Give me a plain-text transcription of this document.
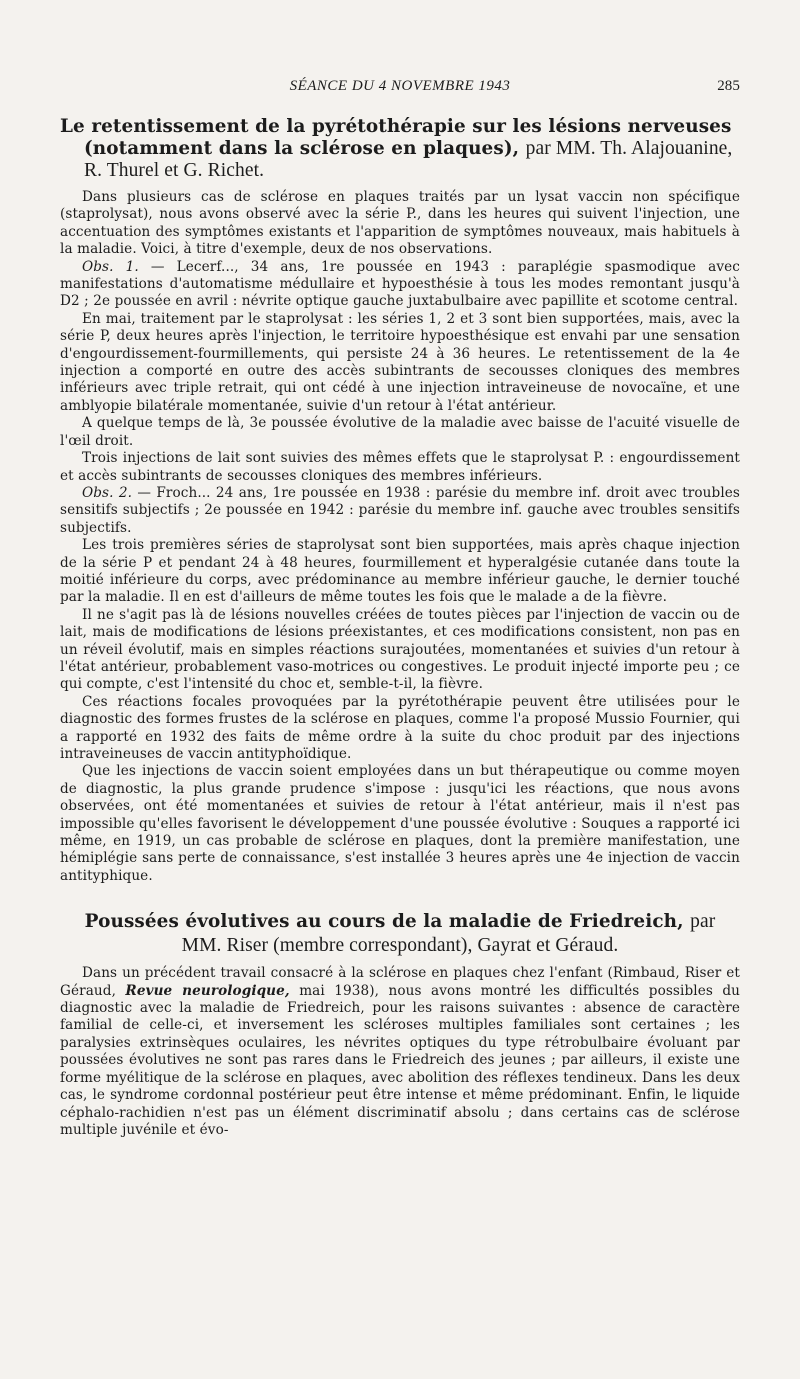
SÉANCE DU 4 NOVEMBRE 1943	285
Le retentissement de la pyrétothérapie sur les lésions nerveuses (notamment dans la sclérose en plaques), par MM. Th. Alajouanine, R. Thurel et G. Richet.

Dans plusieurs cas de sclérose en plaques traités par un lysat vaccin non spécifique (staprolysat), nous avons observé avec la série P., dans les heures qui suivent l'injection, une accentuation des symptômes existants et l'apparition de symptômes nouveaux, mais habituels à la maladie. Voici, à titre d'exemple, deux de nos observations.

Obs. 1. — Lecerf..., 34 ans, 1re poussée en 1943 : paraplégie spasmodique avec manifestations d'automatisme médullaire et hypoesthésie à tous les modes remontant jusqu'à D2 ; 2e poussée en avril : névrite optique gauche juxtabulbaire avec papillite et scotome central.

En mai, traitement par le staprolysat : les séries 1, 2 et 3 sont bien supportées, mais, avec la série P, deux heures après l'injection, le territoire hypoesthésique est envahi par une sensation d'engourdissement-fourmillements, qui persiste 24 à 36 heures. Le retentissement de la 4e injection a comporté en outre des accès subintrants de secousses cloniques des membres inférieurs avec triple retrait, qui ont cédé à une injection intraveineuse de novocaïne, et une amblyopie bilatérale momentanée, suivie d'un retour à l'état antérieur.

A quelque temps de là, 3e poussée évolutive de la maladie avec baisse de l'acuité visuelle de l'œil droit.

Trois injections de lait sont suivies des mêmes effets que le staprolysat P. : engourdissement et accès subintrants de secousses cloniques des membres inférieurs.

Obs. 2. — Froch... 24 ans, 1re poussée en 1938 : parésie du membre inf. droit avec troubles sensitifs subjectifs ; 2e poussée en 1942 : parésie du membre inf. gauche avec troubles sensitifs subjectifs.

Les trois premières séries de staprolysat sont bien supportées, mais après chaque injection de la série P et pendant 24 à 48 heures, fourmillement et hyperalgésie cutanée dans toute la moitié inférieure du corps, avec prédominance au membre inférieur gauche, le dernier touché par la maladie. Il en est d'ailleurs de même toutes les fois que le malade a de la fièvre.

Il ne s'agit pas là de lésions nouvelles créées de toutes pièces par l'injection de vaccin ou de lait, mais de modifications de lésions préexistantes, et ces modifications consistent, non pas en un réveil évolutif, mais en simples réactions surajoutées, momentanées et suivies d'un retour à l'état antérieur, probablement vaso-motrices ou congestives. Le produit injecté importe peu ; ce qui compte, c'est l'intensité du choc et, semble-t-il, la fièvre.

Ces réactions focales provoquées par la pyrétothérapie peuvent être utilisées pour le diagnostic des formes frustes de la sclérose en plaques, comme l'a proposé Mussio Fournier, qui a rapporté en 1932 des faits de même ordre à la suite du choc produit par des injections intraveineuses de vaccin antityphoïdique.

Que les injections de vaccin soient employées dans un but thérapeutique ou comme moyen de diagnostic, la plus grande prudence s'impose : jusqu'ici les réactions, que nous avons observées, ont été momentanées et suivies de retour à l'état antérieur, mais il n'est pas impossible qu'elles favorisent le développement d'une poussée évolutive : Souques a rapporté ici même, en 1919, un cas probable de sclérose en plaques, dont la première manifestation, une hémiplégie sans perte de connaissance, s'est installée 3 heures après une 4e injection de vaccin antityphique.

Poussées évolutives au cours de la maladie de Friedreich, par
MM. Riser (membre correspondant), Gayrat et Géraud.

Dans un précédent travail consacré à la sclérose en plaques chez l'enfant (Rimbaud, Riser et Géraud, Revue neurologique, mai 1938), nous avons montré les difficultés possibles du diagnostic avec la maladie de Friedreich, pour les raisons suivantes : absence de caractère familial de celle-ci, et inversement les scléroses multiples familiales sont certaines ; les paralysies extrinsèques oculaires, les névrites optiques du type rétrobulbaire évoluant par poussées évolutives ne sont pas rares dans le Friedreich des jeunes ; par ailleurs, il existe une forme myélitique de la sclérose en plaques, avec abolition des réflexes tendineux. Dans les deux cas, le syndrome cordonnal postérieur peut être intense et même prédominant. Enfin, le liquide céphalo-rachidien n'est pas un élément discriminatif absolu ; dans certains cas de sclérose multiple juvénile et évo-
